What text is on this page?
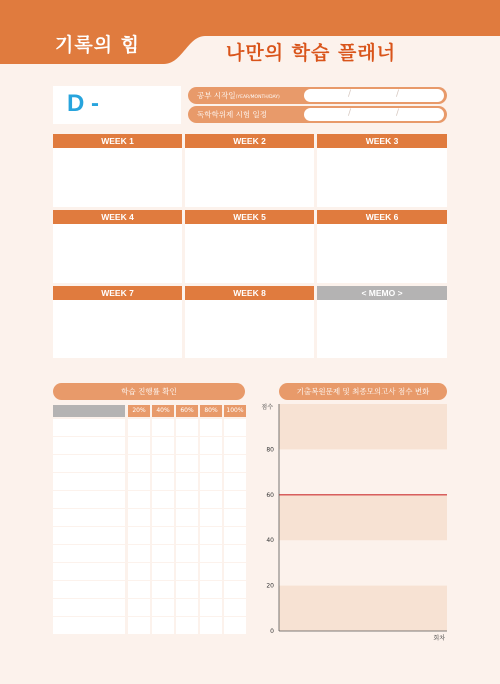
기록의 힘	나만의 학습 플래너
D -	공부 시작일(YEAR/MONTH/DAY)	/	/
독학학위제 시험 일정	/	/
WEEK 1	WEEK 2	WEEK 3
WEEK 4	WEEK 5	WEEK 6
WEEK 7	WEEK 8	< MEMO >
학습 진행률 확인
20%	40%	60%	80%	100%
기출복원문제 및 최종모의고사 점수 변화
0
20
40
60
80
점수
회차
